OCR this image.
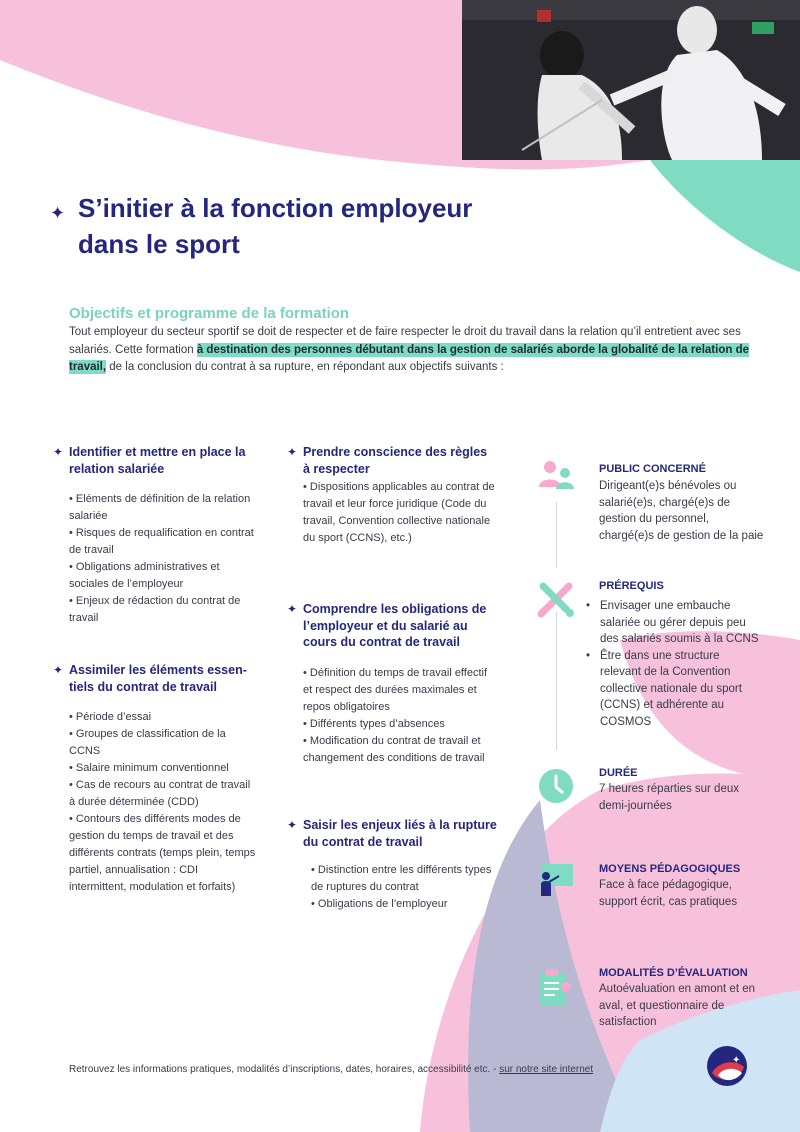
✦ S’initier à la fonction employeur
dans le sport
Objectifs et programme de la formation
Tout employeur du secteur sportif se doit de respecter et de faire respecter le droit du travail dans la relation qu’il entretient avec ses salariés. Cette formation à destination des personnes débutant dans la gestion de salariés aborde la globalité de la relation de travail, de la conclusion du contrat à sa rupture, en répondant aux objectifs suivants :
✦ Identifier et mettre en place la relation salariée
• Eléments de définition de la relation salariée
• Risques de requalification en contrat de travail
• Obligations administratives et sociales de l’employeur
• Enjeux de rédaction du contrat de travail
✦ Assimiler les éléments essen-tiels du contrat de travail
• Période d’essai
• Groupes de classification de la CCNS
• Salaire minimum conventionnel
• Cas de recours au contrat de travail à durée déterminée (CDD)
• Contours des différents modes de gestion du temps de travail et des différents contrats (temps plein, temps partiel, annualisation : CDI intermittent, modulation et forfaits)
✦ Prendre conscience des règles à respecter
• Dispositions applicables au contrat de travail et leur force juridique (Code du travail, Convention collective nationale du sport (CCNS), etc.)
✦ Comprendre les obligations de l’employeur et du salarié au cours du contrat de travail
• Définition du temps de travail effectif et respect des durées maximales et repos obligatoires
• Différents types d’absences
• Modification du contrat de travail et changement des conditions de travail
✦ Saisir les enjeux liés à la rupture du contrat de travail
• Distinction entre les différents types de ruptures du contrat
• Obligations de l’employeur
PUBLIC CONCERNÉ
Dirigeant(e)s bénévoles ou salarié(e)s, chargé(e)s de gestion du personnel, chargé(e)s de gestion de la paie
PRÉREQUIS
• Envisager une embauche salariée ou gérer depuis peu des salariés soumis à la CCNS
• Être dans une structure relevant de la Convention collective nationale du sport (CCNS) et adhérente au COSMOS
DURÉE
7 heures réparties sur deux demi-journées
MOYENS PÉDAGOGIQUES
Face à face pédagogique, support écrit, cas pratiques
MODALITÉS D’ÉVALUATION
Autoévaluation en amont et en aval, et questionnaire de satisfaction
Retrouvez les informations pratiques, modalités d’inscriptions, dates, horaires, accessibilité etc. - sur notre site internet
✦
